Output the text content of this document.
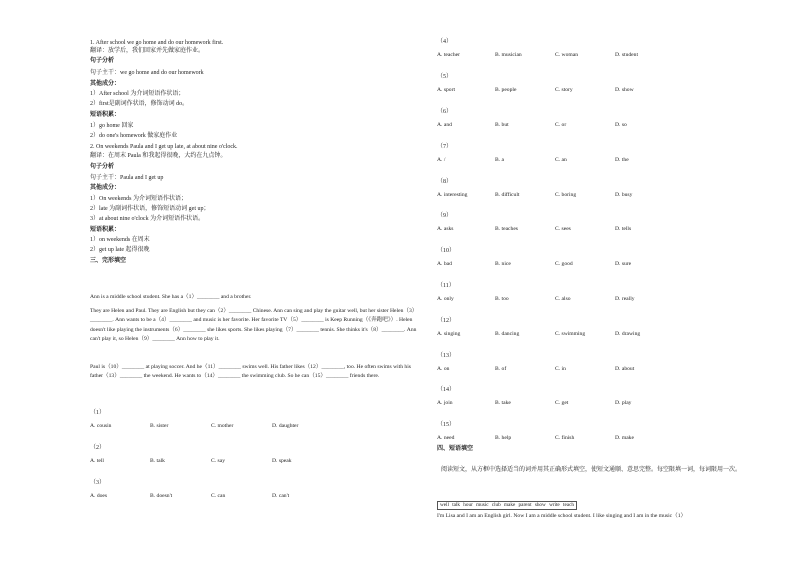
1. After school we go home and do our homework first.
翻译：放学后，我们回家并先做家庭作业。
句子分析
句子主干：we go home and do our homework
其他成分：
1）After school 为介词短语作状语；
2）first是副词作状语，修饰动词 do。
短语积累：
1）go home 回家
2）do one's homework 做家庭作业
2. On weekends Paula and I get up late, at about nine o'clock.
翻译：在周末 Paula 和我起得很晚，大约在九点钟。
句子分析
句子主干：Paula and I get up
其他成分：
1）On weekends 为介词短语作状语；
2）late 为副词作状语，修饰短语动词 get up；
3）at about nine o'clock 为介词短语作状语。
短语积累：
1）on weekends 在周末
2）get up late 起得很晚
三、完形填空
Ann is a middle school student. She has a（1）________ and a brother.
They are Helen and Paul. They are English but they can（2）________ Chinese. Ann can sing and play the guitar well, but her sister Helen（3）________. Ann wants to be a（4）________ and music is her favorite. Her favorite TV（5）________ is Keep Running（《奔跑吧》）. Helen doesn't like playing the instruments（6）________ she likes sports. She likes playing（7）________ tennis. She thinks it's（8）________. Ann can't play it, so Helen（9）________ Ann how to play it.
Paul is（10）________ at playing soccer. And he（11）________ swims well. His father likes（12）________, too. He often swims with his father（13）________ the weekend. He wants to（14）________ the swimming club. So he can（15）________ friends there.
（1）
A. cousin	B. sister	C. mother	D. daughter
（2）
A. tell	B. talk	C. say	D. speak
（3）
A. does	B. doesn't	C. can	D. can't
（4）
A. teacher	B. musician	C. woman	D. student
（5）
A. sport	B. people	C. story	D. show
（6）
A. and	B. but	C. or	D. so
（7）
A. /	B. a	C. an	D. the
（8）
A. interesting	B. difficult	C. boring	D. busy
（9）
A. asks	B. teaches	C. sees	D. tells
（10）
A. bad	B. nice	C. good	D. sure
（11）
A. only	B. too	C. also	D. really
（12）
A. singing	B. dancing	C. swimming	D. drawing
（13）
A. on	B. of	C. in	D. about
（14）
A. join	B. take	C. get	D. play
（15）
A. need	B. help	C. finish	D. make
四、短语填空
阅读短文，从方框中选择适当的词并用其正确形式填空，使短文通顺、意思完整。每空限填一词，每词限用一次。
well talk hour music club make parent show write teach
I'm Lisa and I am an English girl. Now I am a middle school student. I like singing and I am in the music（1）
